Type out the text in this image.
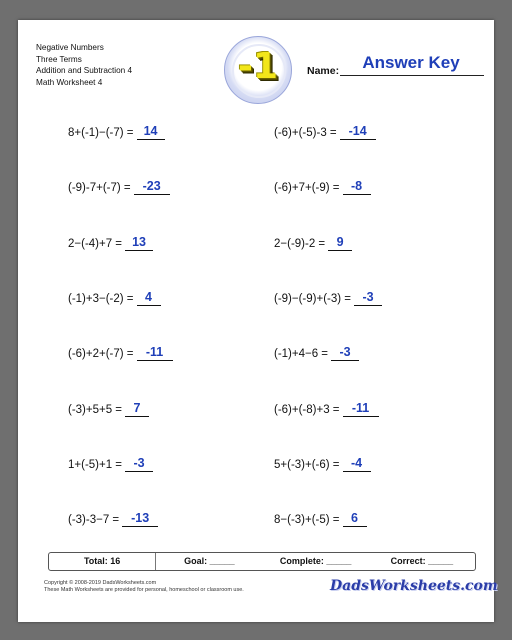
Negative Numbers
Three Terms
Addition and Subtraction 4
Math Worksheet 4	-1	Name:	Answer Key
8+(-1)−(-7) = 14	(-6)+(-5)-3 = -14
(-9)-7+(-7) = -23	(-6)+7+(-9) = -8
2−(-4)+7 = 13	2−(-9)-2 = 9
(-1)+3−(-2) = 4	(-9)−(-9)+(-3) = -3
(-6)+2+(-7) = -11	(-1)+4−6 = -3
(-3)+5+5 = 7	(-6)+(-8)+3 = -11
1+(-5)+1 = -3	5+(-3)+(-6) = -4
(-3)-3−7 = -13	8−(-3)+(-5) = 6
Total: 16	Goal: _____	Complete: _____	Correct: _____
Copyright © 2008-2019 DadsWorksheets.com
These Math Worksheets are provided for personal, homeschool or classroom use.	DadsWorksheets.com
